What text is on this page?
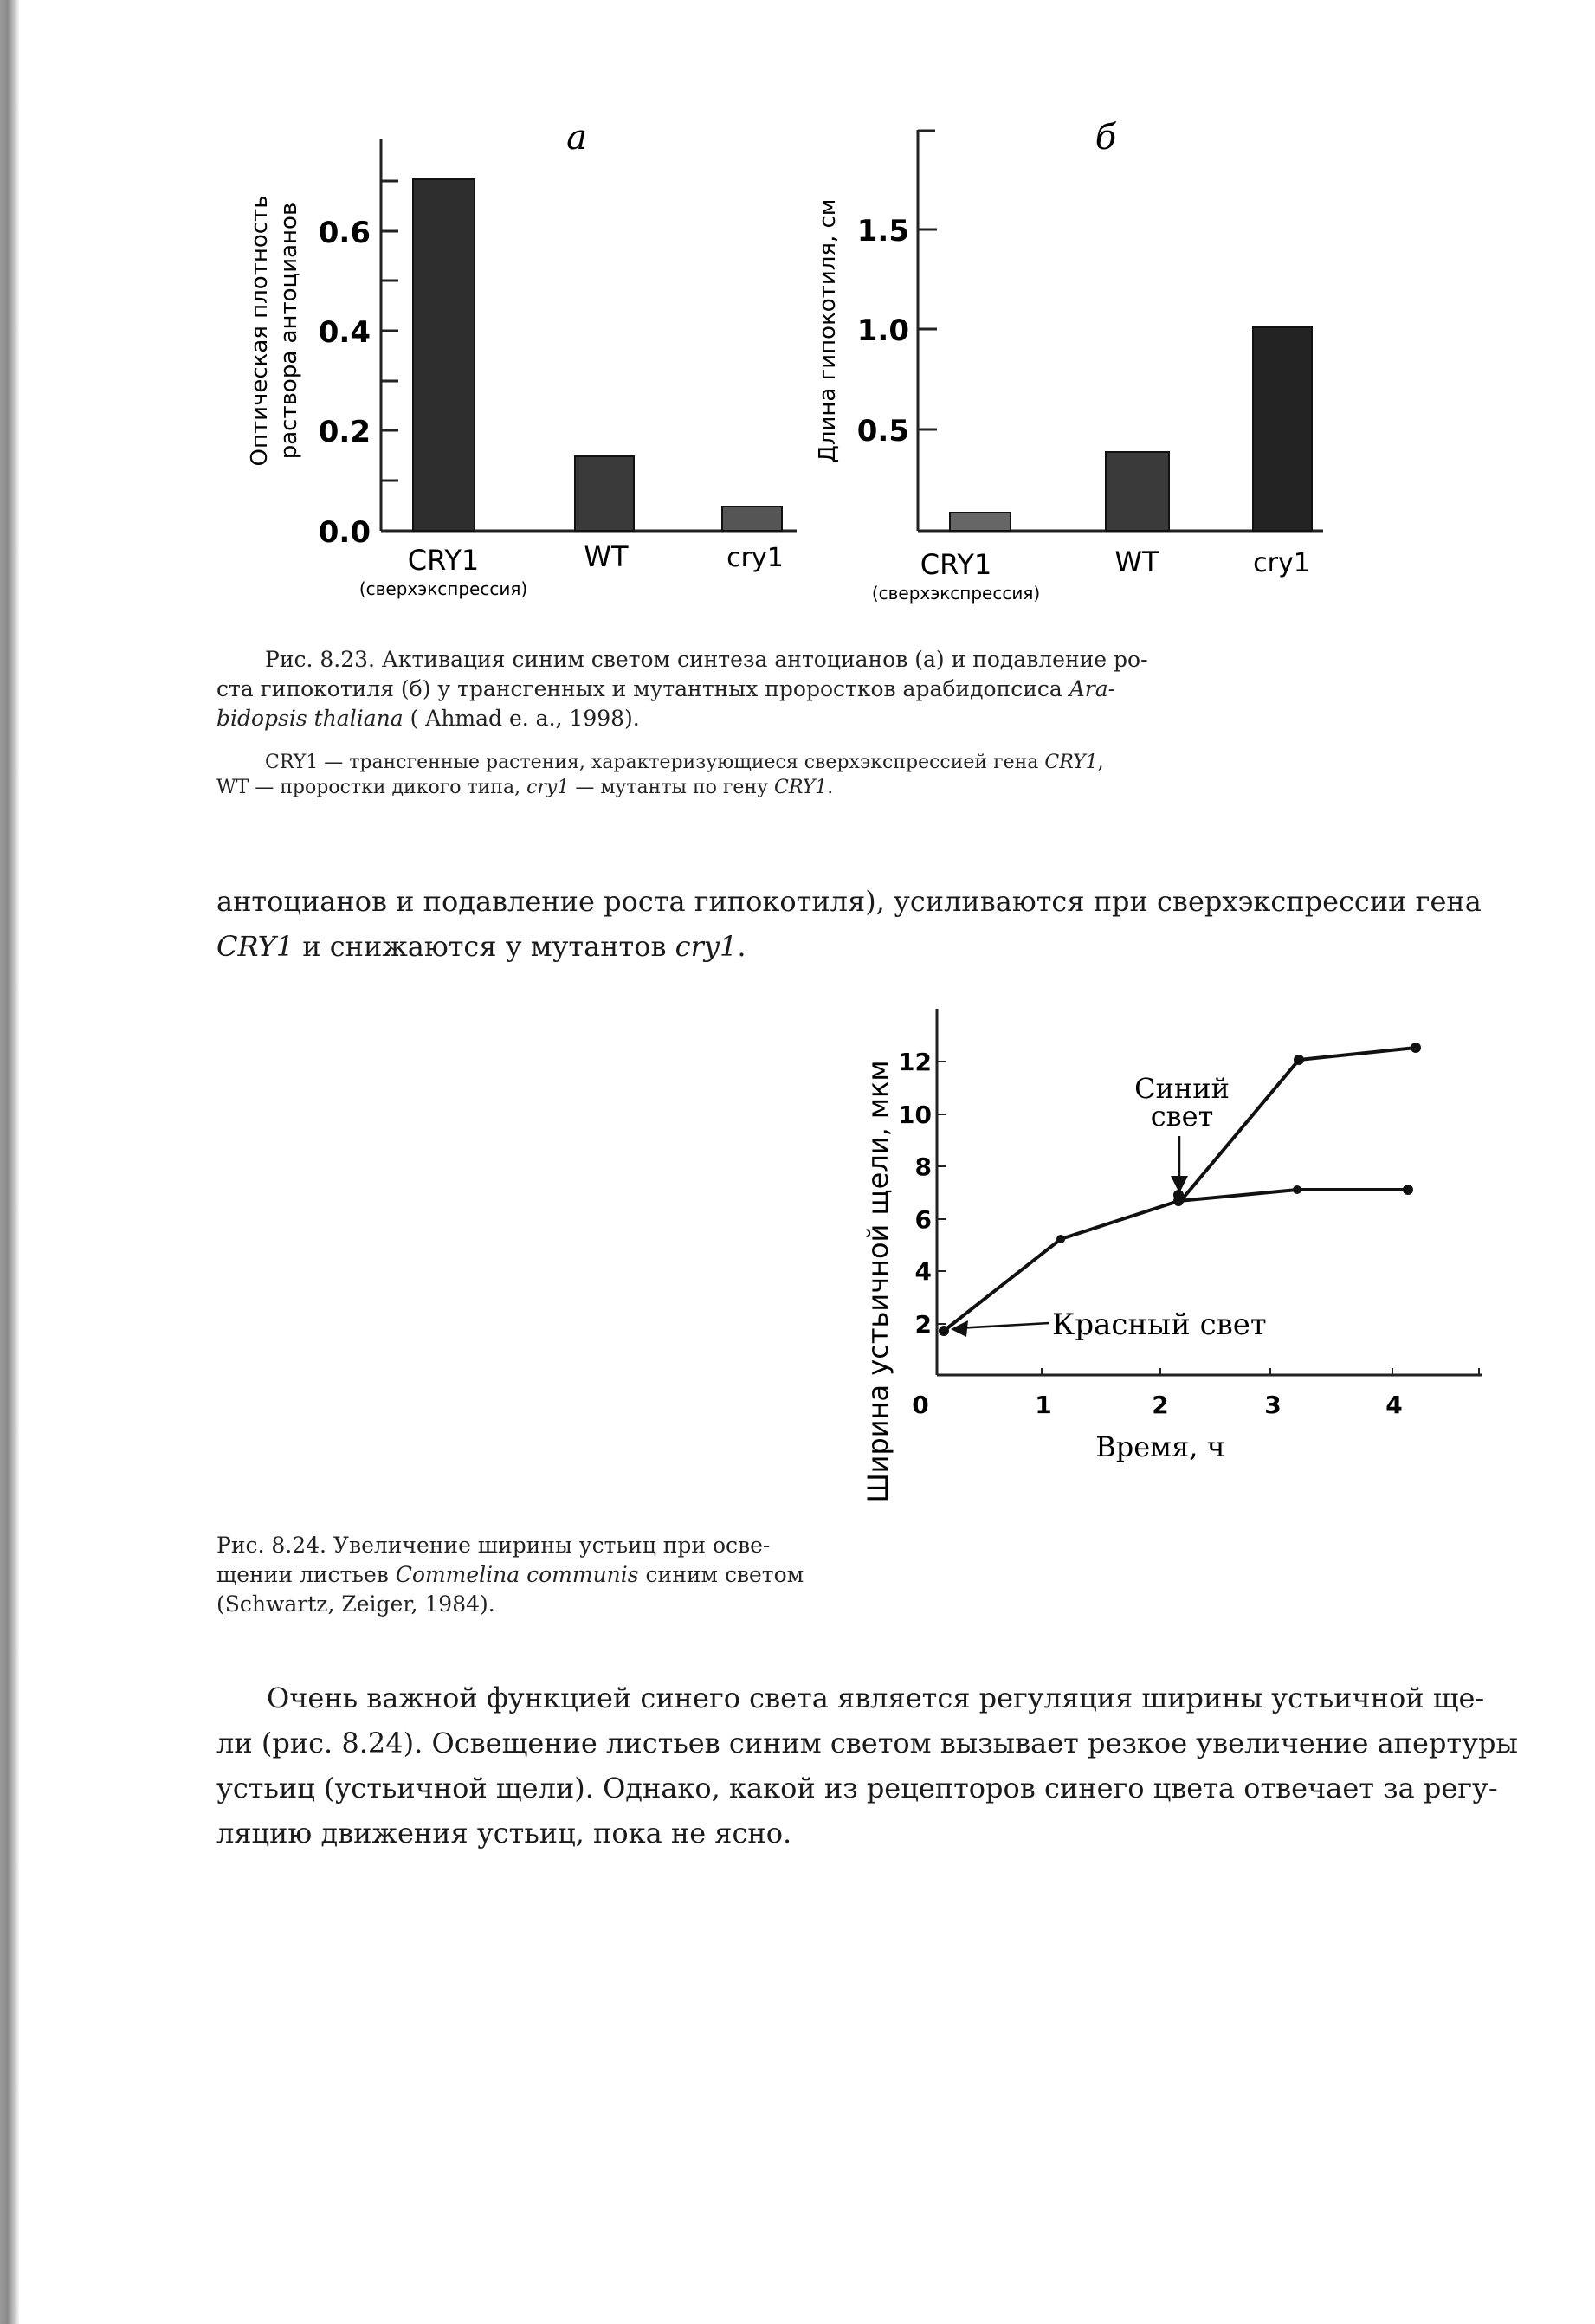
а
Оптическая плотность раствора антоцианов
0.0
0.2
0.4
0.6
CRY1
(сверхэкспрессия)
WT	cry1
б
Длина гипокотиля, см 0.5
1.0
1.5
CRY1
(сверхэкспрессия)
WT	cry1
Рис. 8.23. Активация синим светом синтеза антоцианов (а) и подавление ро-
ста гипокотиля (б) у трансгенных и мутантных проростков арабидопсиса Ara-
bidopsis thaliana ( Ahmad e. a., 1998).
CRY1 — трансгенные растения, характеризующиеся сверхэкспрессией гена CRY1,
WT — проростки дикого типа, cry1 — мутанты по гену CRY1.
антоцианов и подавление роста гипокотиля), усиливаются при сверхэкспрессии гена
CRY1 и снижаются у мутантов cry1.
Ширина устьичной щели, мкм 2
4
6
8
10
12
0	1	2	3	4
Время, ч
Синий
свет
Красный свет
Рис. 8.24. Увеличение ширины устьиц при осве-
щении листьев Commelina communis синим светом
(Schwartz, Zeiger, 1984).
Очень важной функцией синего света является регуляция ширины устьичной ще-
ли (рис. 8.24). Освещение листьев синим светом вызывает резкое увеличение апертуры
устьиц (устьичной щели). Однако, какой из рецепторов синего цвета отвечает за регу-
ляцию движения устьиц, пока не ясно.
